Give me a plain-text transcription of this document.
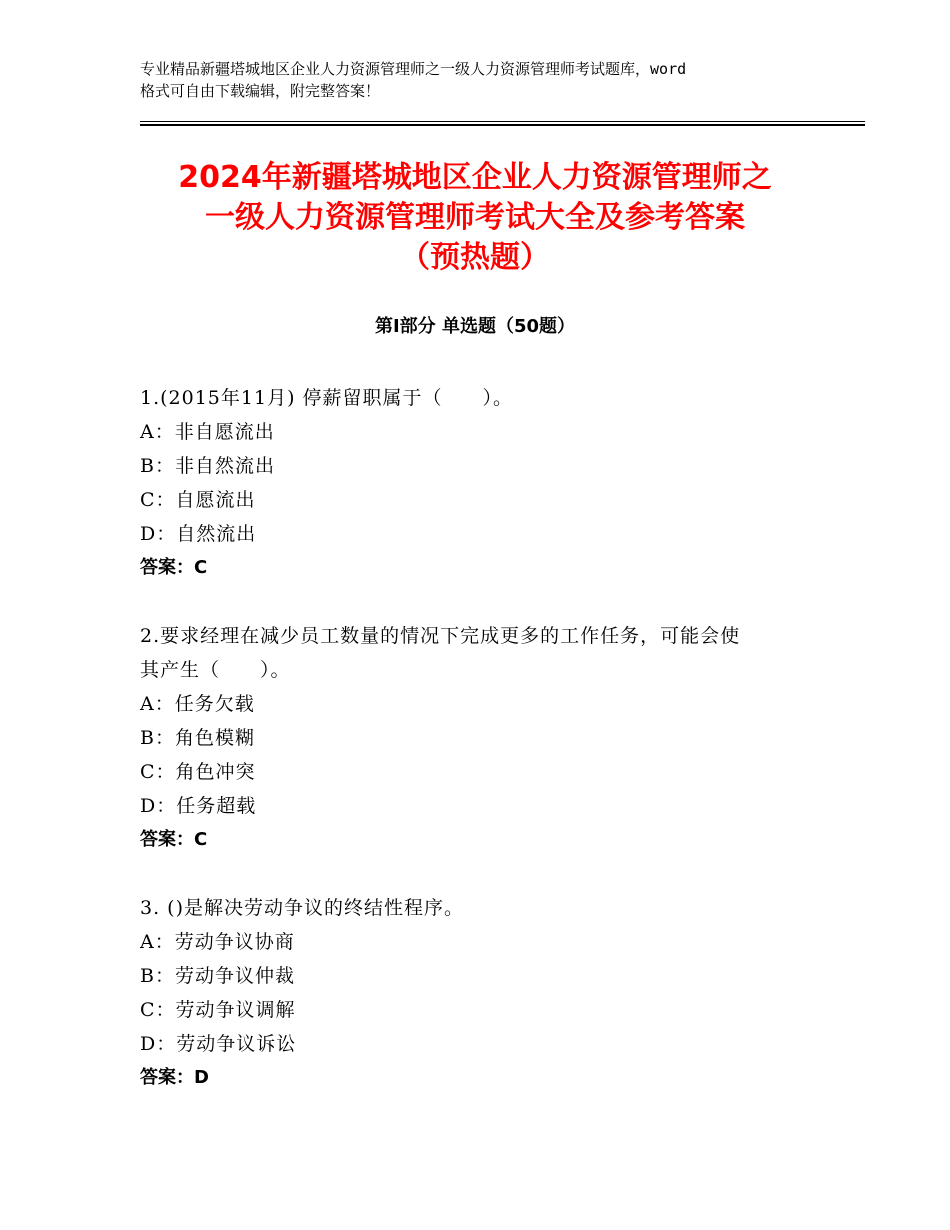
专业精品新疆塔城地区企业人力资源管理师之一级人力资源管理师考试题库，word
格式可自由下载编辑，附完整答案！
2024年新疆塔城地区企业人力资源管理师之
一级人力资源管理师考试大全及参考答案
（预热题）
第Ⅰ部分 单选题（50题）
1.(2015年11月) 停薪留职属于（　　）。
A：非自愿流出
B：非自然流出
C：自愿流出
D：自然流出
答案：C
2.要求经理在减少员工数量的情况下完成更多的工作任务，可能会使
其产生（　　）。
A：任务欠载
B：角色模糊
C：角色冲突
D：任务超载
答案：C
3. ()是解决劳动争议的终结性程序。
A：劳动争议协商
B：劳动争议仲裁
C：劳动争议调解
D：劳动争议诉讼
答案：D
